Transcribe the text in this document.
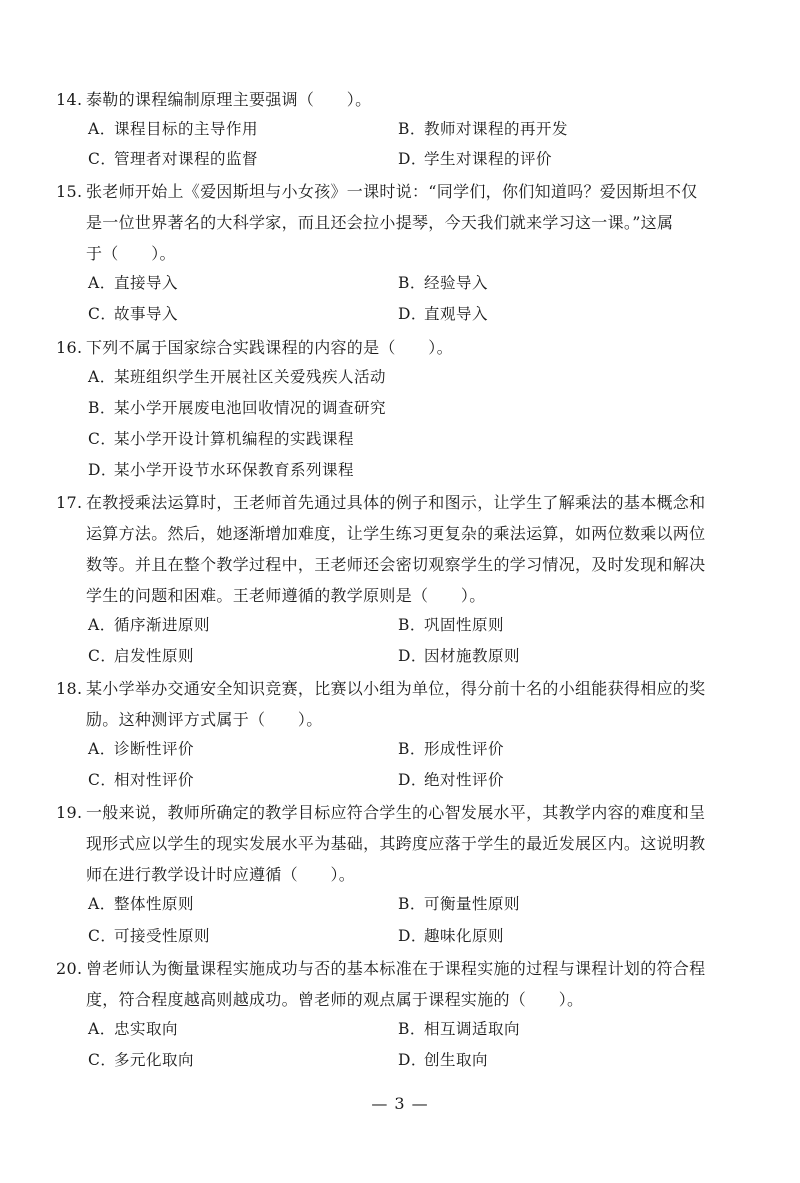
14. 泰勒的课程编制原理主要强调（　　）。
A．课程目标的主导作用	B．教师对课程的再开发
C．管理者对课程的监督	D．学生对课程的评价
15. 张老师开始上《爱因斯坦与小女孩》一课时说：“同学们，你们知道吗？爱因斯坦不仅
是一位世界著名的大科学家，而且还会拉小提琴，今天我们就来学习这一课。”这属
于（　　）。
A．直接导入	B．经验导入
C．故事导入	D．直观导入
16. 下列不属于国家综合实践课程的内容的是（　　）。
A．某班组织学生开展社区关爱残疾人活动
B．某小学开展废电池回收情况的调查研究
C．某小学开设计算机编程的实践课程
D．某小学开设节水环保教育系列课程
17. 在教授乘法运算时，王老师首先通过具体的例子和图示，让学生了解乘法的基本概念和
运算方法。然后，她逐渐增加难度，让学生练习更复杂的乘法运算，如两位数乘以两位
数等。并且在整个教学过程中，王老师还会密切观察学生的学习情况，及时发现和解决
学生的问题和困难。王老师遵循的教学原则是（　　）。
A．循序渐进原则	B．巩固性原则
C．启发性原则	D．因材施教原则
18. 某小学举办交通安全知识竞赛，比赛以小组为单位，得分前十名的小组能获得相应的奖
励。这种测评方式属于（　　）。
A．诊断性评价	B．形成性评价
C．相对性评价	D．绝对性评价
19. 一般来说，教师所确定的教学目标应符合学生的心智发展水平，其教学内容的难度和呈
现形式应以学生的现实发展水平为基础，其跨度应落于学生的最近发展区内。这说明教
师在进行教学设计时应遵循（　　）。
A．整体性原则	B．可衡量性原则
C．可接受性原则	D．趣味化原则
20. 曾老师认为衡量课程实施成功与否的基本标准在于课程实施的过程与课程计划的符合程
度，符合程度越高则越成功。曾老师的观点属于课程实施的（　　）。
A．忠实取向	B．相互调适取向
C．多元化取向	D．创生取向
— 3 —
